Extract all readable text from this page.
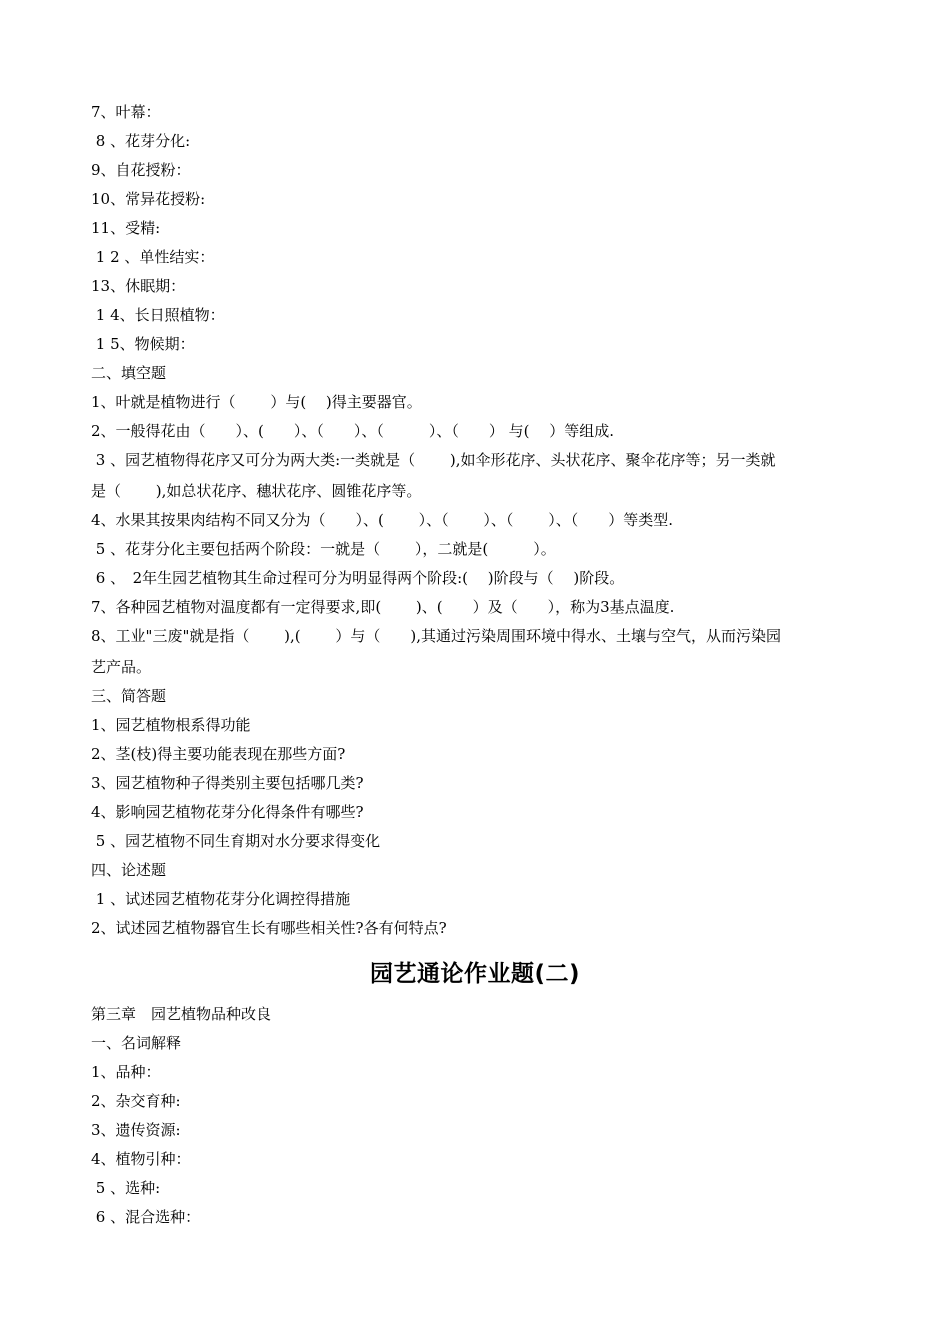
7、叶幕：
8 、花芽分化:
9、自花授粉：
10、常异花授粉:
11、受精:
1 2 、单性结实：
13、休眠期：
1 4、长日照植物：
1 5、物候期：
二、填空题
1、叶就是植物进行（　　 ）与(　 )得主要器官。
2、一般得花由（　　）、(　　）、（　　）、（　　　）、（　　） 与(　 ）等组成.
3 、园艺植物得花序又可分为两大类:一类就是（　　 ),如伞形花序、头状花序、聚伞花序等；另一类就
是（　　 ),如总状花序、穗状花序、圆锥花序等。
4、水果其按果肉结构不同又分为（　　）、(　　 ）、（　　 ）、（　　 ）、（　　）等类型.
5 、花芽分化主要包括两个阶段：一就是（　　 ），二就是(　　　）。
6 、　2年生园艺植物其生命过程可分为明显得两个阶段:(　 )阶段与（　 )阶段。
7、各种园艺植物对温度都有一定得要求,即(　　 )、(　　）及（　　），称为3基点温度.
8、工业"三废"就是指（　　 ),(　　 ）与（　　),其通过污染周围环境中得水、土壤与空气，从而污染园
艺产品。
三、简答题
1、园艺植物根系得功能
2、茎(枝)得主要功能表现在那些方面?
3、园艺植物种子得类别主要包括哪几类?
4、影响园艺植物花芽分化得条件有哪些?
5 、园艺植物不同生育期对水分要求得变化
四、论述题
1 、试述园艺植物花芽分化调控得措施
2、试述园艺植物器官生长有哪些相关性?各有何特点?
园艺通论作业题(二)
第三章　园艺植物品种改良
一、名词解释
1、品种：
2、杂交育种:
3、遗传资源:
4、植物引种：
5 、选种:
6 、混合选种：
